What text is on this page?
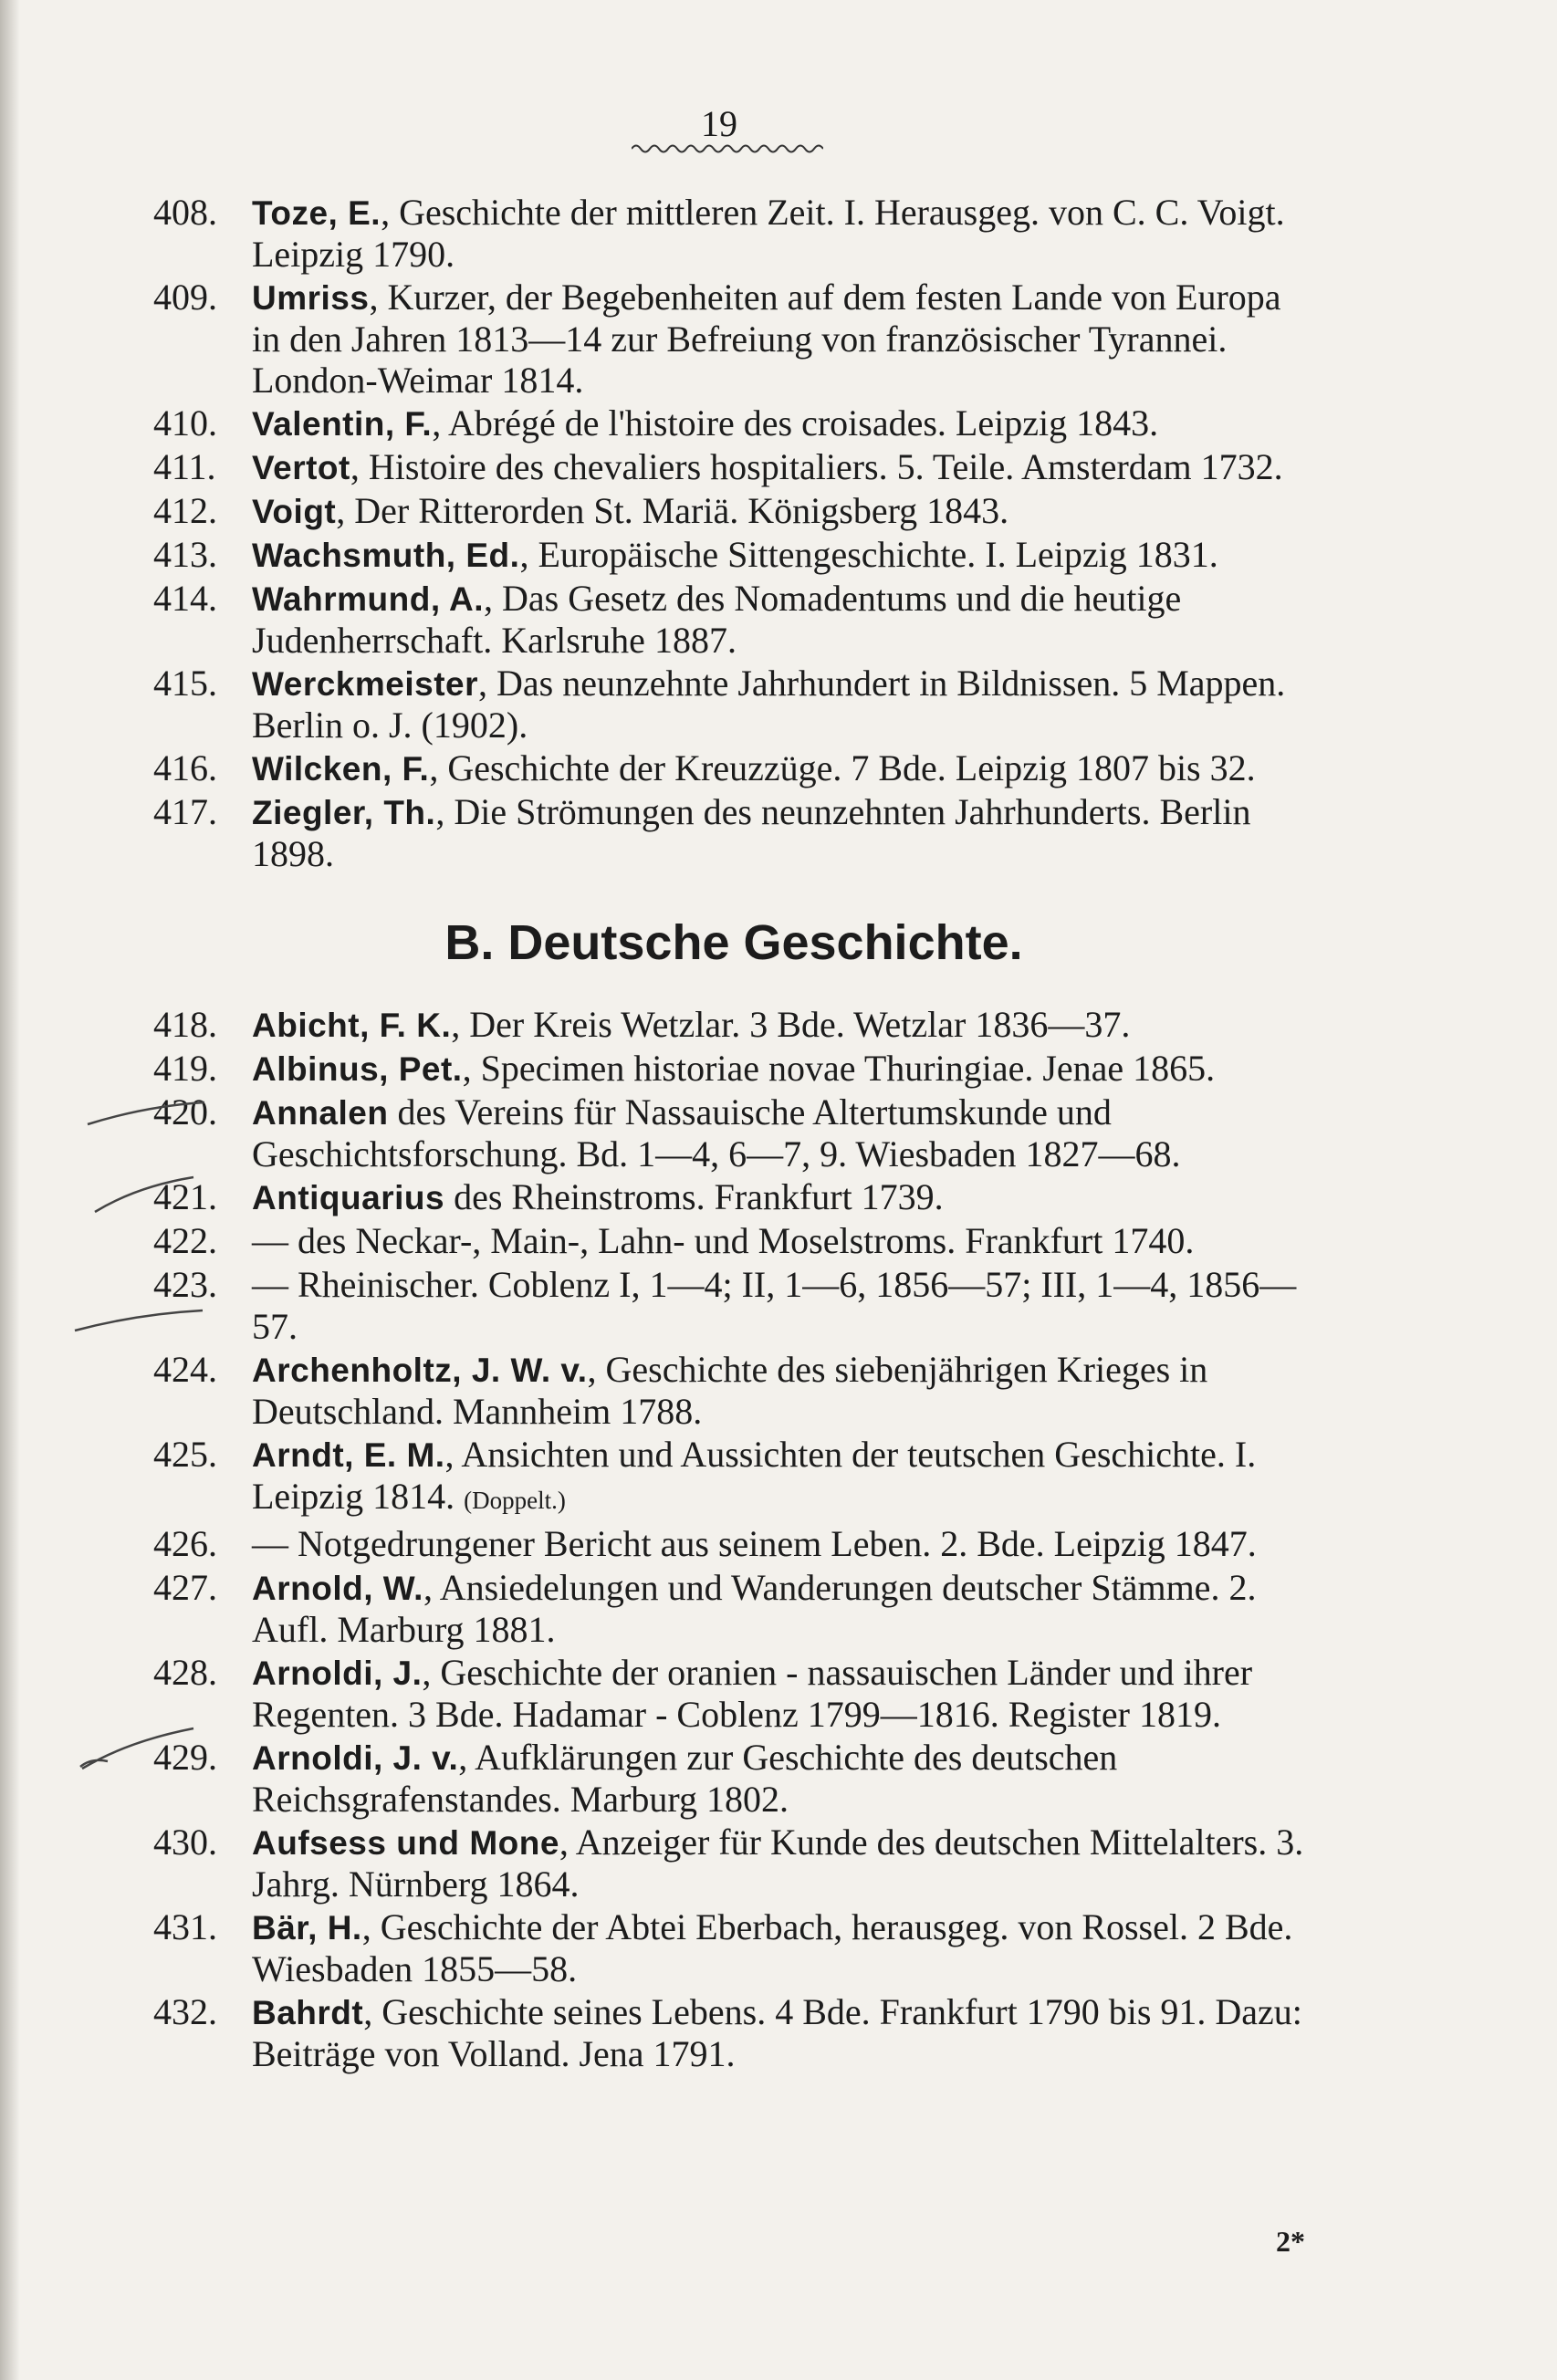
19
408.	Toze, E., Geschichte der mittleren Zeit. I. Herausgeg. von C. C. Voigt. Leipzig 1790.
409.	Umriss, Kurzer, der Begebenheiten auf dem festen Lande von Europa in den Jahren 1813—14 zur Befreiung von französischer Tyrannei. London-Weimar 1814.
410.	Valentin, F., Abrégé de l'histoire des croisades. Leipzig 1843.
411.	Vertot, Histoire des chevaliers hospitaliers. 5. Teile. Amsterdam 1732.
412.	Voigt, Der Ritterorden St. Mariä. Königsberg 1843.
413.	Wachsmuth, Ed., Europäische Sittengeschichte. I. Leipzig 1831.
414.	Wahrmund, A., Das Gesetz des Nomadentums und die heutige Judenherrschaft. Karlsruhe 1887.
415.	Werckmeister, Das neunzehnte Jahrhundert in Bildnissen. 5 Mappen. Berlin o. J. (1902).
416.	Wilcken, F., Geschichte der Kreuzzüge. 7 Bde. Leipzig 1807 bis 32.
417.	Ziegler, Th., Die Strömungen des neunzehnten Jahrhunderts. Berlin 1898.
B. Deutsche Geschichte.
418.	Abicht, F. K., Der Kreis Wetzlar. 3 Bde. Wetzlar 1836—37.
419.	Albinus, Pet., Specimen historiae novae Thuringiae. Jenae 1865.
420.	Annalen des Vereins für Nassauische Altertumskunde und Geschichtsforschung. Bd. 1—4, 6—7, 9. Wiesbaden 1827—68.
421.	Antiquarius des Rheinstroms. Frankfurt 1739.
422. — des Neckar-, Main-, Lahn- und Moselstroms. Frankfurt 1740.
423. — Rheinischer. Coblenz I, 1—4; II, 1—6, 1856—57; III, 1—4, 1856—57.
424.	Archenholtz, J. W. v., Geschichte des siebenjährigen Krieges in Deutschland. Mannheim 1788.
425.	Arndt, E. M., Ansichten und Aussichten der teutschen Geschichte. I. Leipzig 1814. (Doppelt.)
426. — Notgedrungener Bericht aus seinem Leben. 2. Bde. Leipzig 1847.
427.	Arnold, W., Ansiedelungen und Wanderungen deutscher Stämme. 2. Aufl. Marburg 1881.
428.	Arnoldi, J., Geschichte der oranien - nassauischen Länder und ihrer Regenten. 3 Bde. Hadamar - Coblenz 1799—1816. Register 1819.
429.	Arnoldi, J. v., Aufklärungen zur Geschichte des deutschen Reichsgrafenstandes. Marburg 1802.
430.	Aufsess und Mone, Anzeiger für Kunde des deutschen Mittelalters. 3. Jahrg. Nürnberg 1864.
431.	Bär, H., Geschichte der Abtei Eberbach, herausgeg. von Rossel. 2 Bde. Wiesbaden 1855—58.
432.	Bahrdt, Geschichte seines Lebens. 4 Bde. Frankfurt 1790 bis 91. Dazu: Beiträge von Volland. Jena 1791.
2*
